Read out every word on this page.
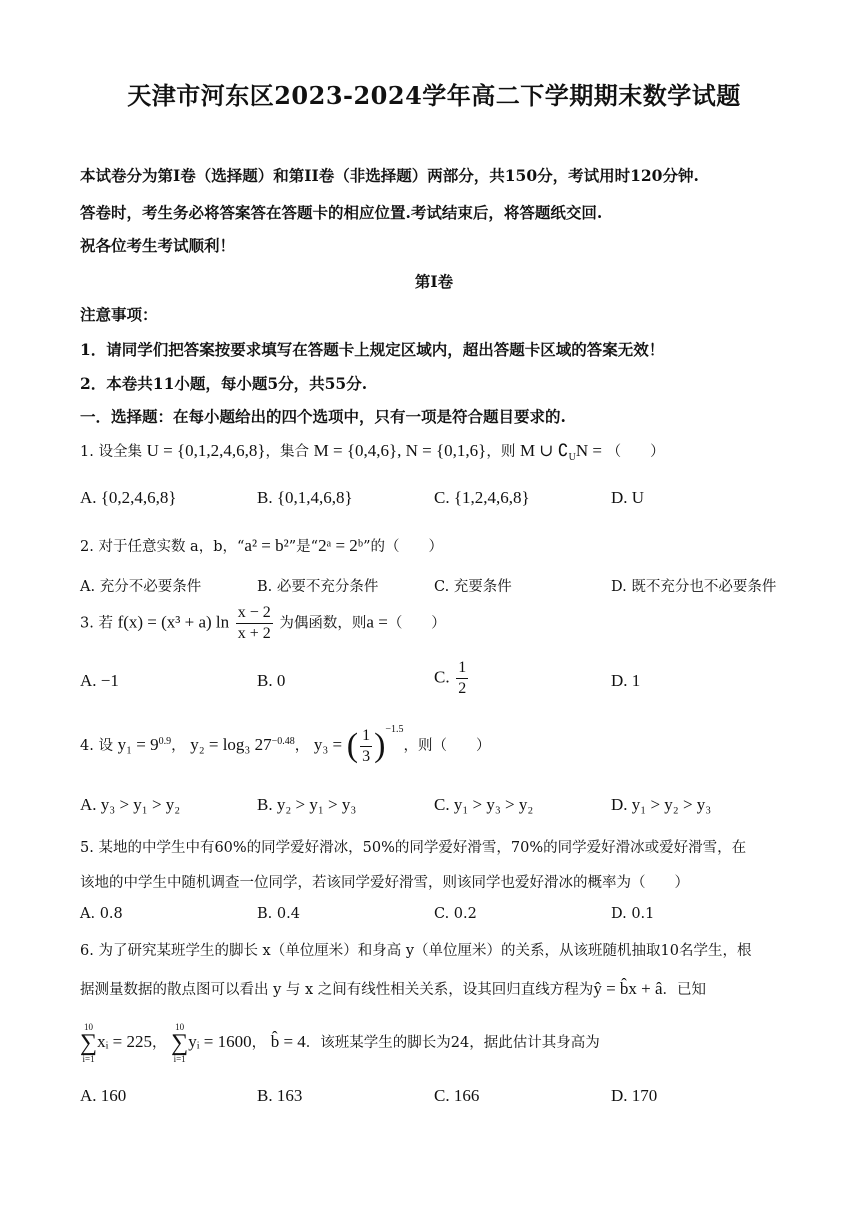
天津市河东区2023-2024学年高二下学期期末数学试题
本试卷分为第I卷（选择题）和第II卷（非选择题）两部分，共150分，考试用时120分钟.
答卷时，考生务必将答案答在答题卡的相应位置.考试结束后，将答题纸交回.
祝各位考生考试顺利！
第I卷
注意事项：
1．请同学们把答案按要求填写在答题卡上规定区域内，超出答题卡区域的答案无效！
2．本卷共11小题，每小题5分，共55分.
一．选择题：在每小题给出的四个选项中，只有一项是符合题目要求的.
1. 设全集 U = {0,1,2,4,6,8}，集合 M = {0,4,6}, N = {0,1,6}，则 M ∪ $∁_UN$ = （　　）
A. {0,2,4,6,8}	B. {0,1,4,6,8}	C. {1,2,4,6,8}	D. U
2. 对于任意实数 a，b，“a² = b²”是“2ᵃ = 2ᵇ”的（　　）
A. 充分不必要条件	B. 必要不充分条件	C. 充要条件	D. 既不充分也不必要条件
3. 若 f(x) = (x³ + a) $\ln \frac{x - 2}{x + 2}$ 为偶函数，则a =（　　）
A. −1	B. 0	C. $\frac{1}{2}$	D. 1
4. 设 $y_1 = 9^{0.9}$， y₂ = log₃ $27^{-0.48}$， y₃ = ( $\frac{1}{3} )^{-1.5}$，则（　　）
A. y₃ > y₁ > y₂	B. y₂ > y₁ > y₃	C. y₁ > y₃ > y₂	D. y₁ > y₂ > y₃
5. 某地的中学生中有60%的同学爱好滑冰，50%的同学爱好滑雪，70%的同学爱好滑冰或爱好滑雪，在
该地的中学生中随机调查一位同学，若该同学爱好滑雪，则该同学也爱好滑冰的概率为（　　）
A. 0.8	B. 0.4	C. 0.2	D. 0.1
6. 为了研究某班学生的脚长 x（单位厘米）和身高 y（单位厘米）的关系，从该班随机抽取10名学生，根
据测量数据的散点图可以看出 y 与 x 之间有线性相关关系，设其回归直线方程为ŷ = b̂x + â．已知
10
∑
i=1
xᵢ = 225，
10
∑
i=1
yᵢ = 1600， b̂ = 4．该班某学生的脚长为24，据此估计其身高为
A. 160	B. 163	C. 166	D. 170
